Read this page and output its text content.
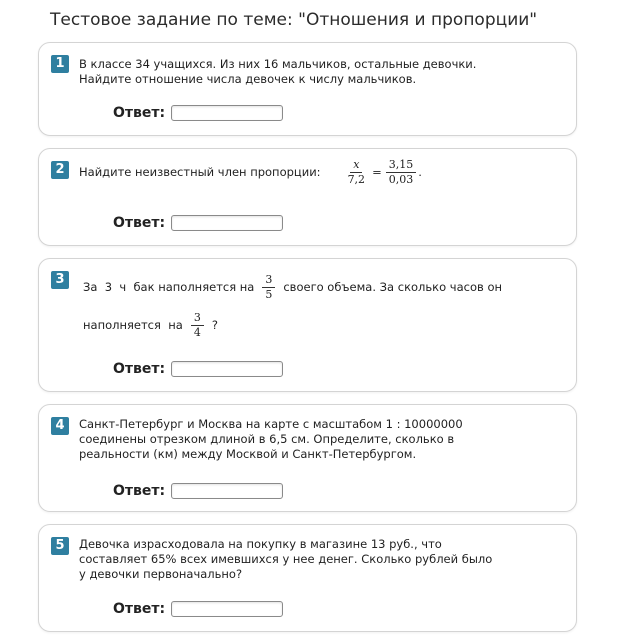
Тестовое задание по теме: "Отношения и пропорции"
1	В классе 34 учащихся. Из них 16 мальчиков, остальные девочки.
Найдите отношение числа девочек к числу мальчиков.
Ответ:
2	Найдите неизвестный член пропорции: $\frac{x}{7,2} = \frac{3,15}{0,03}$ .
Ответ:
3	За  3  ч  бак наполняется на $\frac{3}{5}$ своего объема. За сколько часов он
наполняется  на $\frac{3}{4}$ ?
Ответ:
4	Санкт-Петербург и Москва на карте с масштабом 1 : 10000000
соединены отрезком длиной в 6,5 см. Определите, сколько в
реальности (км) между Москвой и Санкт-Петербургом.
Ответ:
5	Девочка израсходовала на покупку в магазине 13 руб., что
составляет 65% всех имевшихся у нее денег. Сколько рублей было
у девочки первоначально?
Ответ:
